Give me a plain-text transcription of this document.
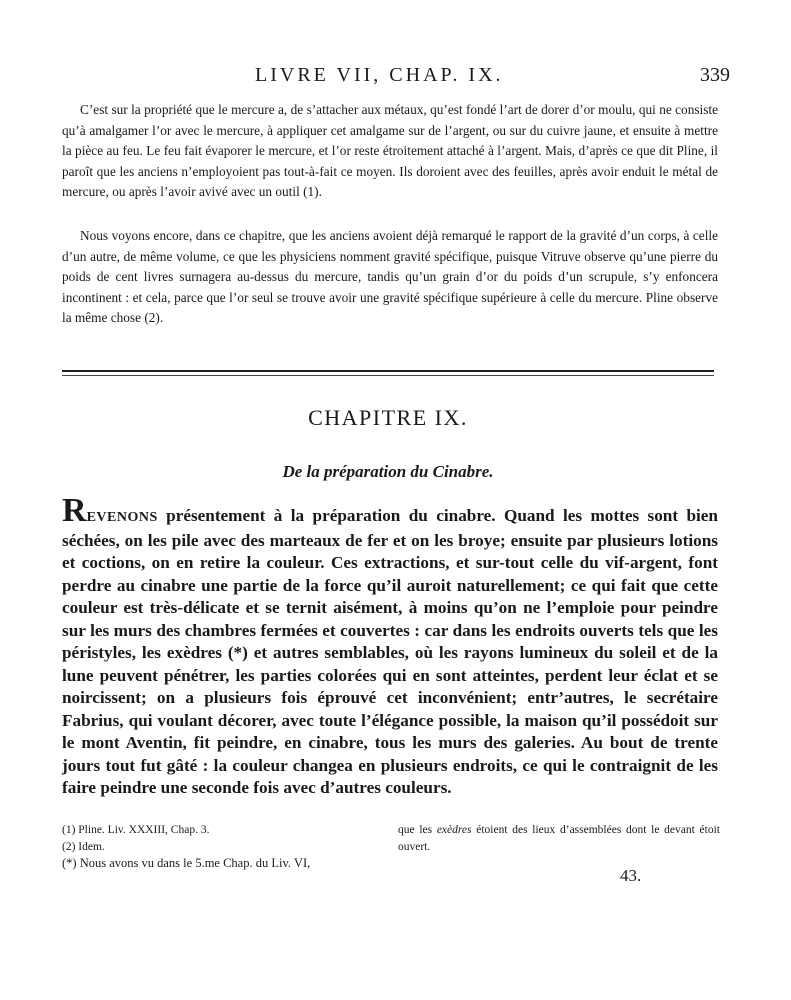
LIVRE VII, CHAP. IX.	339

C’est sur la propriété que le mercure a, de s’attacher aux métaux, qu’est fondé l’art de dorer d’or moulu, qui ne consiste qu’à amalgamer l’or avec le mercure, à appliquer cet amalgame sur de l’argent, ou sur du cuivre jaune, et ensuite à mettre la pièce au feu. Le feu fait évaporer le mercure, et l’or reste étroitement attaché à l’argent. Mais, d’après ce que dit Pline, il paroît que les anciens n’employoient pas tout-à-fait ce moyen. Ils doroient avec des feuilles, après avoir enduit le métal de mercure, ou après l’avoir avivé avec un outil (1).

Nous voyons encore, dans ce chapitre, que les anciens avoient déjà remarqué le rapport de la gravité d’un corps, à celle d’un autre, de même volume, ce que les physiciens nomment gravité spécifique, puisque Vitruve observe qu’une pierre du poids de cent livres surnagera au-dessus du mercure, tandis qu’un grain d’or du poids d’un scrupule, s’y enfoncera incontinent : et cela, parce que l’or seul se trouve avoir une gravité spécifique supérieure à celle du mercure. Pline observe la même chose (2).

CHAPITRE IX.
De la préparation du Cinabre.

REVENONS présentement à la préparation du cinabre. Quand les mottes sont bien séchées, on les pile avec des marteaux de fer et on les broye; ensuite par plusieurs lotions et coctions, on en retire la couleur. Ces extractions, et sur-tout celle du vif-argent, font perdre au cinabre une partie de la force qu’il auroit naturellement; ce qui fait que cette couleur est très-délicate et se ternit aisément, à moins qu’on ne l’emploie pour peindre sur les murs des chambres fermées et couvertes : car dans les endroits ouverts tels que les péristyles, les exèdres (*) et autres semblables, où les rayons lumineux du soleil et de la lune peuvent pénétrer, les parties colorées qui en sont atteintes, perdent leur éclat et se noircissent; on a plusieurs fois éprouvé cet inconvénient; entr’autres, le secrétaire Fabrius, qui voulant décorer, avec toute l’élégance possible, la maison qu’il possédoit sur le mont Aventin, fit peindre, en cinabre, tous les murs des galeries. Au bout de trente jours tout fut gâté : la couleur changea en plusieurs endroits, ce qui le contraignit de les faire peindre une seconde fois avec d’autres couleurs.

(1) Pline. Liv. XXXIII, Chap. 3.
(2) Idem.
(*) Nous avons vu dans le 5.me Chap. du Liv. VI,
que les exèdres étoient des lieux d’assemblées dont le devant étoit ouvert.
43.
